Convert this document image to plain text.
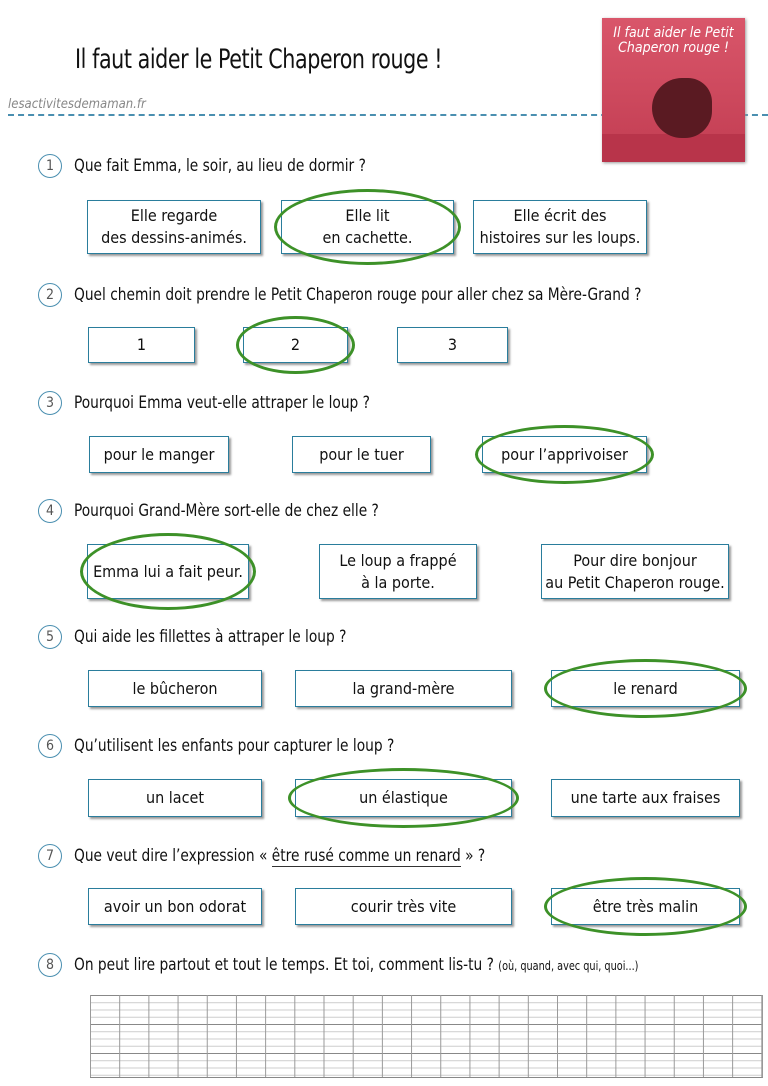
Il faut aider le Petit Chaperon rouge !
lesactivitesdemaman.fr
Il faut aider le Petit Chaperon rouge !
1	Que fait Emma, le soir, au lieu de dormir ?
Elle regarde
des dessins-animés.
Elle lit
en cachette.
Elle écrit des
histoires sur les loups.
2	Quel chemin doit prendre le Petit Chaperon rouge pour aller chez sa Mère-Grand ?
1	2	3
3	Pourquoi Emma veut-elle attraper le loup ?
pour le manger	pour le tuer	pour l’apprivoiser
4	Pourquoi Grand-Mère sort-elle de chez elle ?
Emma lui a fait peur.
Le loup a frappé
à la porte.
Pour dire bonjour
au Petit Chaperon rouge.
5	Qui aide les fillettes à attraper le loup ?
le bûcheron	la grand-mère	le renard
6	Qu’utilisent les enfants pour capturer le loup ?
un lacet	un élastique	une tarte aux fraises
7	Que veut dire l’expression « être rusé comme un renard » ?
avoir un bon odorat	courir très vite	être très malin
8	On peut lire partout et tout le temps. Et toi, comment lis-tu ? (où, quand, avec qui, quoi...)
